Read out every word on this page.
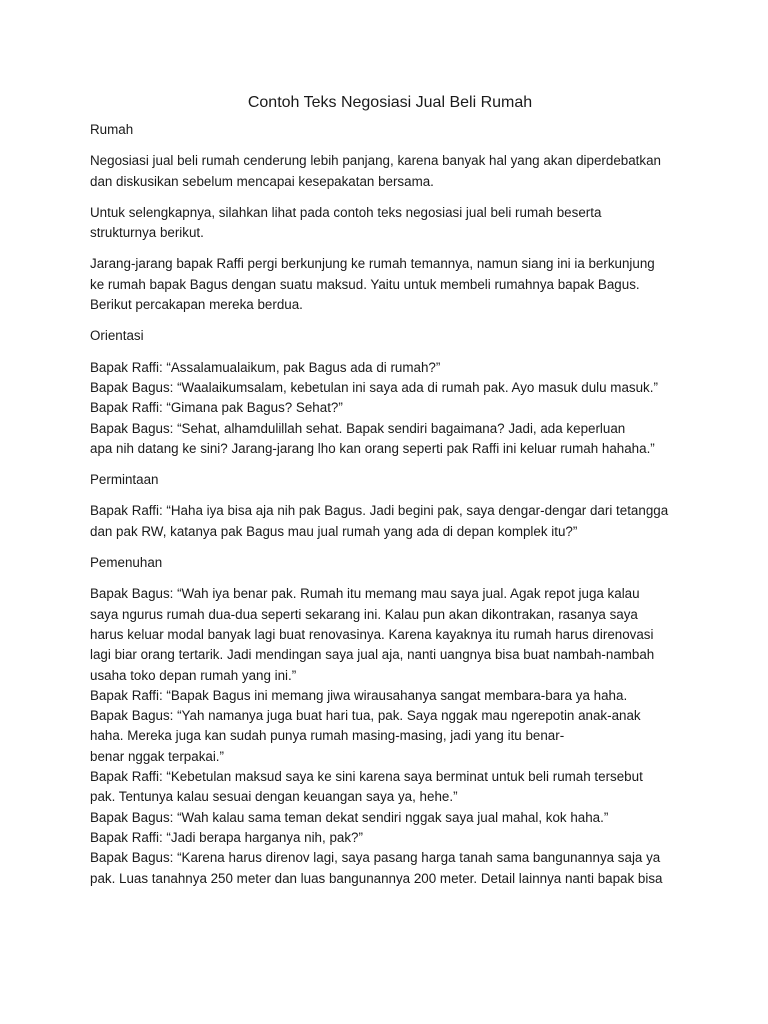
Contoh Teks Negosiasi Jual Beli Rumah

Rumah

Negosiasi jual beli rumah cenderung lebih panjang, karena banyak hal yang akan diperdebatkan
dan diskusikan sebelum mencapai kesepakatan bersama.

Untuk selengkapnya, silahkan lihat pada contoh teks negosiasi jual beli rumah beserta
strukturnya berikut.

Jarang-jarang bapak Raffi pergi berkunjung ke rumah temannya, namun siang ini ia berkunjung
ke rumah bapak Bagus dengan suatu maksud. Yaitu untuk membeli rumahnya bapak Bagus.
Berikut percakapan mereka berdua.

Orientasi

Bapak Raffi: “Assalamualaikum, pak Bagus ada di rumah?”
Bapak Bagus: “Waalaikumsalam, kebetulan ini saya ada di rumah pak. Ayo masuk dulu masuk.”
Bapak Raffi: “Gimana pak Bagus? Sehat?”
Bapak Bagus: “Sehat, alhamdulillah sehat. Bapak sendiri bagaimana? Jadi, ada keperluan
apa nih datang ke sini? Jarang-jarang lho kan orang seperti pak Raffi ini keluar rumah hahaha.”

Permintaan

Bapak Raffi: “Haha iya bisa aja nih pak Bagus. Jadi begini pak, saya dengar-dengar dari tetangga
dan pak RW, katanya pak Bagus mau jual rumah yang ada di depan komplek itu?”

Pemenuhan

Bapak Bagus: “Wah iya benar pak. Rumah itu memang mau saya jual. Agak repot juga kalau
saya ngurus rumah dua-dua seperti sekarang ini. Kalau pun akan dikontrakan, rasanya saya
harus keluar modal banyak lagi buat renovasinya. Karena kayaknya itu rumah harus direnovasi
lagi biar orang tertarik. Jadi mendingan saya jual aja, nanti uangnya bisa buat nambah-nambah
usaha toko depan rumah yang ini.”
Bapak Raffi: “Bapak Bagus ini memang jiwa wirausahanya sangat membara-bara ya haha.
Bapak Bagus: “Yah namanya juga buat hari tua, pak. Saya nggak mau ngerepotin anak-anak
haha. Mereka juga kan sudah punya rumah masing-masing, jadi yang itu benar-
benar nggak terpakai.”
Bapak Raffi: “Kebetulan maksud saya ke sini karena saya berminat untuk beli rumah tersebut
pak. Tentunya kalau sesuai dengan keuangan saya ya, hehe.”
Bapak Bagus: “Wah kalau sama teman dekat sendiri nggak saya jual mahal, kok haha.”
Bapak Raffi: “Jadi berapa harganya nih, pak?”
Bapak Bagus: “Karena harus direnov lagi, saya pasang harga tanah sama bangunannya saja ya
pak. Luas tanahnya 250 meter dan luas bangunannya 200 meter. Detail lainnya nanti bapak bisa
